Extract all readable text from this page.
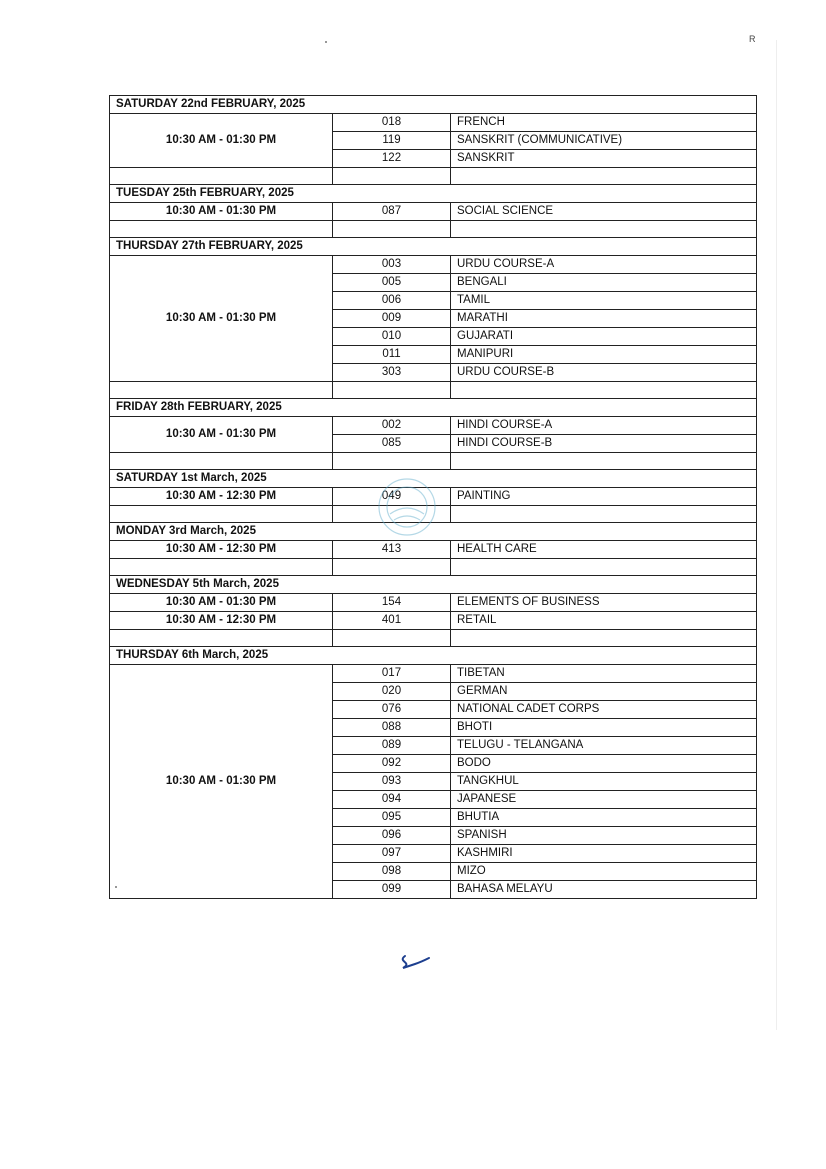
R
SATURDAY 22nd FEBRUARY, 2025		
10:30 AM - 01:30 PM	018	FRENCH
	119	SANSKRIT (COMMUNICATIVE)
	122	SANSKRIT

TUESDAY 25th FEBRUARY, 2025		
10:30 AM - 01:30 PM	087	SOCIAL SCIENCE

THURSDAY 27th FEBRUARY, 2025		
10:30 AM - 01:30 PM	003	URDU COURSE-A
	005	BENGALI
	006	TAMIL
	009	MARATHI
	010	GUJARATI
	011	MANIPURI
	303	URDU COURSE-B

FRIDAY 28th FEBRUARY, 2025		
10:30 AM - 01:30 PM	002	HINDI COURSE-A
	085	HINDI COURSE-B

SATURDAY 1st March, 2025		
10:30 AM - 12:30 PM	049	PAINTING

MONDAY 3rd March, 2025		
10:30 AM - 12:30 PM	413	HEALTH CARE

WEDNESDAY 5th March, 2025		
10:30 AM - 01:30 PM	154	ELEMENTS OF BUSINESS
10:30 AM - 12:30 PM	401	RETAIL

THURSDAY 6th March, 2025		
10:30 AM - 01:30 PM	017	TIBETAN
	020	GERMAN
	076	NATIONAL CADET CORPS
	088	BHOTI
	089	TELUGU - TELANGANA
	092	BODO
	093	TANGKHUL
	094	JAPANESE
	095	BHUTIA
	096	SPANISH
	097	KASHMIRI
	098	MIZO
	099	BAHASA MELAYU
